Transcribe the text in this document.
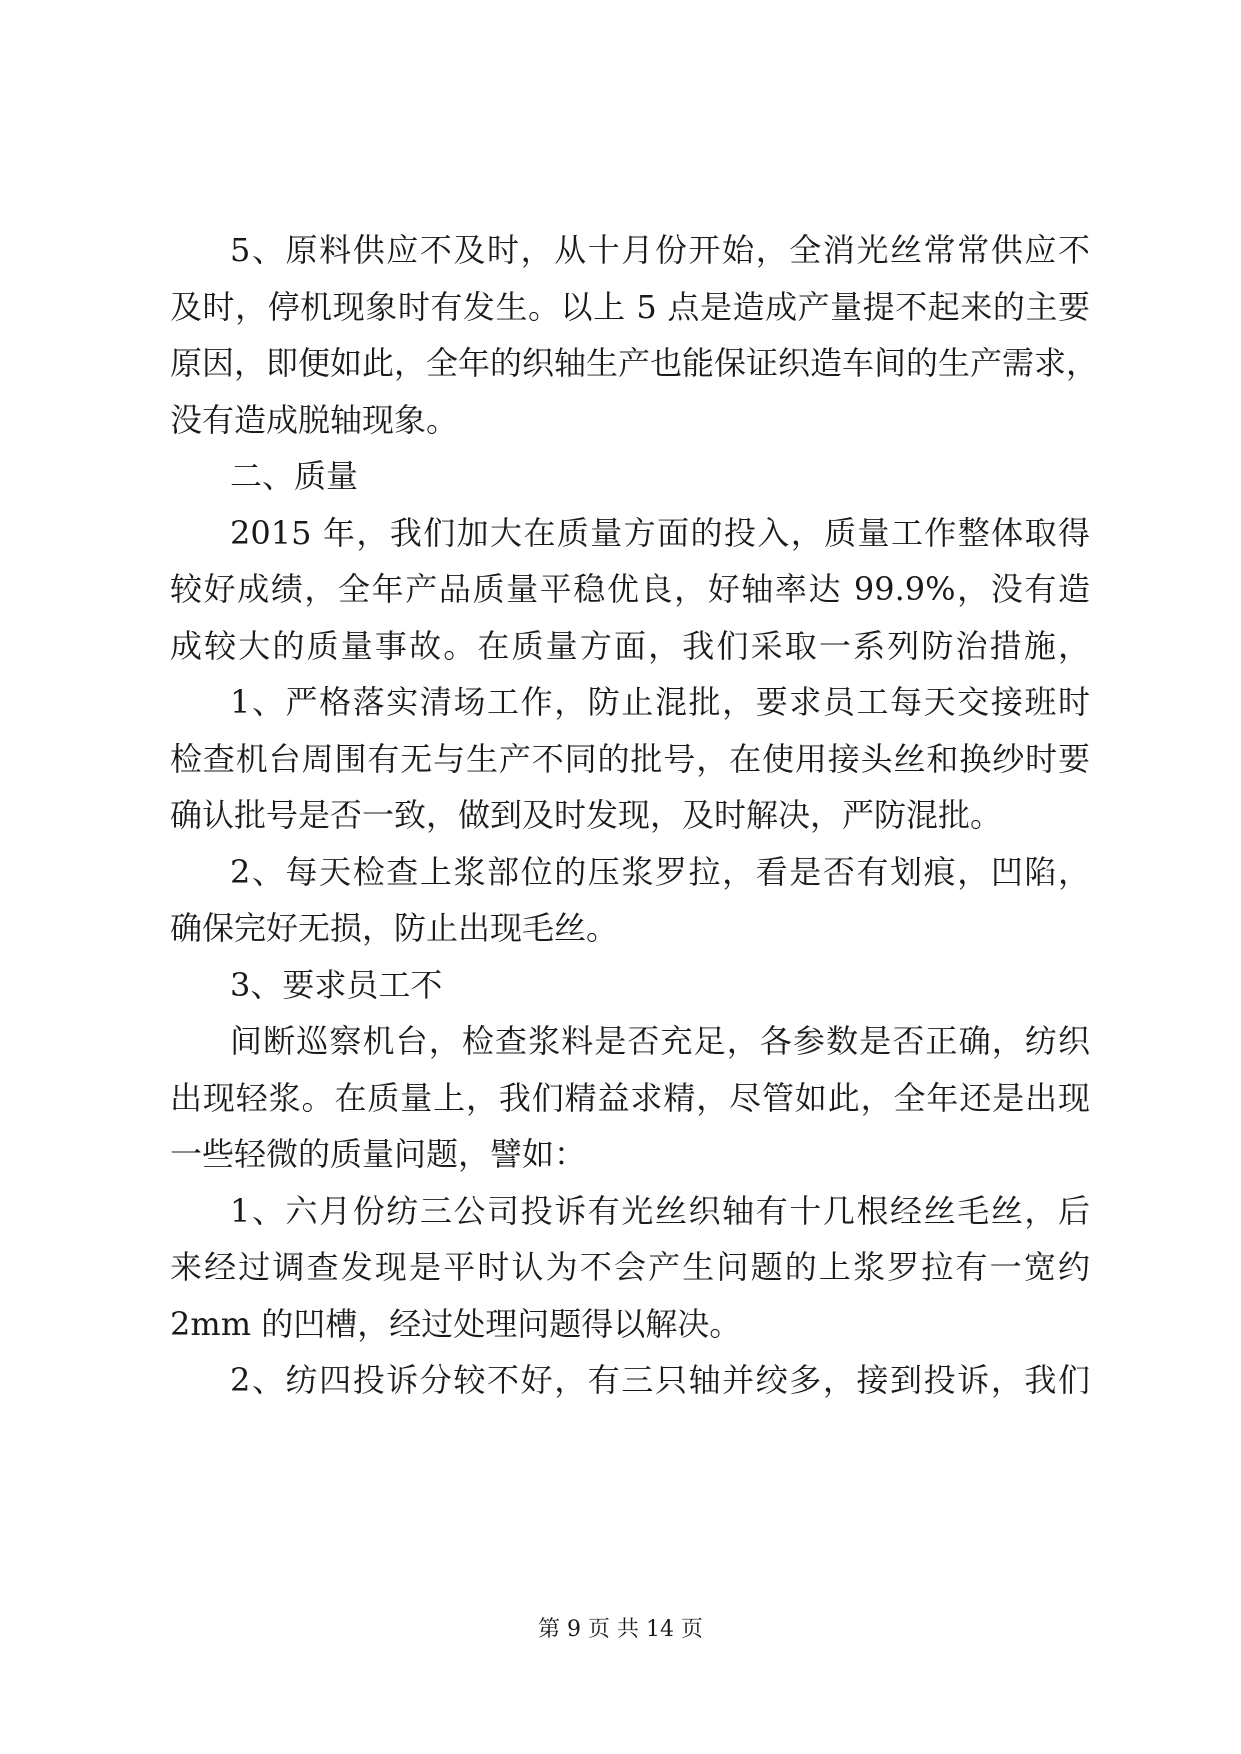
5、原料供应不及时，从十月份开始，全消光丝常常供应不
及时，停机现象时有发生。以上 5 点是造成产量提不起来的主要
原因，即便如此，全年的织轴生产也能保证织造车间的生产需求，
没有造成脱轴现象。
二、质量
2015 年，我们加大在质量方面的投入，质量工作整体取得
较好成绩，全年产品质量平稳优良，好轴率达 99.9%，没有造
成较大的质量事故。在质量方面，我们采取一系列防治措施，
1、严格落实清场工作，防止混批，要求员工每天交接班时
检查机台周围有无与生产不同的批号，在使用接头丝和换纱时要
确认批号是否一致，做到及时发现，及时解决，严防混批。
2、每天检查上浆部位的压浆罗拉，看是否有划痕，凹陷，
确保完好无损，防止出现毛丝。
3、要求员工不
间断巡察机台，检查浆料是否充足，各参数是否正确，纺织
出现轻浆。在质量上，我们精益求精，尽管如此，全年还是出现
一些轻微的质量问题，譬如：
1、六月份纺三公司投诉有光丝织轴有十几根经丝毛丝，后
来经过调查发现是平时认为不会产生问题的上浆罗拉有一宽约
2mm 的凹槽，经过处理问题得以解决。
2、纺四投诉分较不好，有三只轴并绞多，接到投诉，我们
第 9 页 共 14 页
